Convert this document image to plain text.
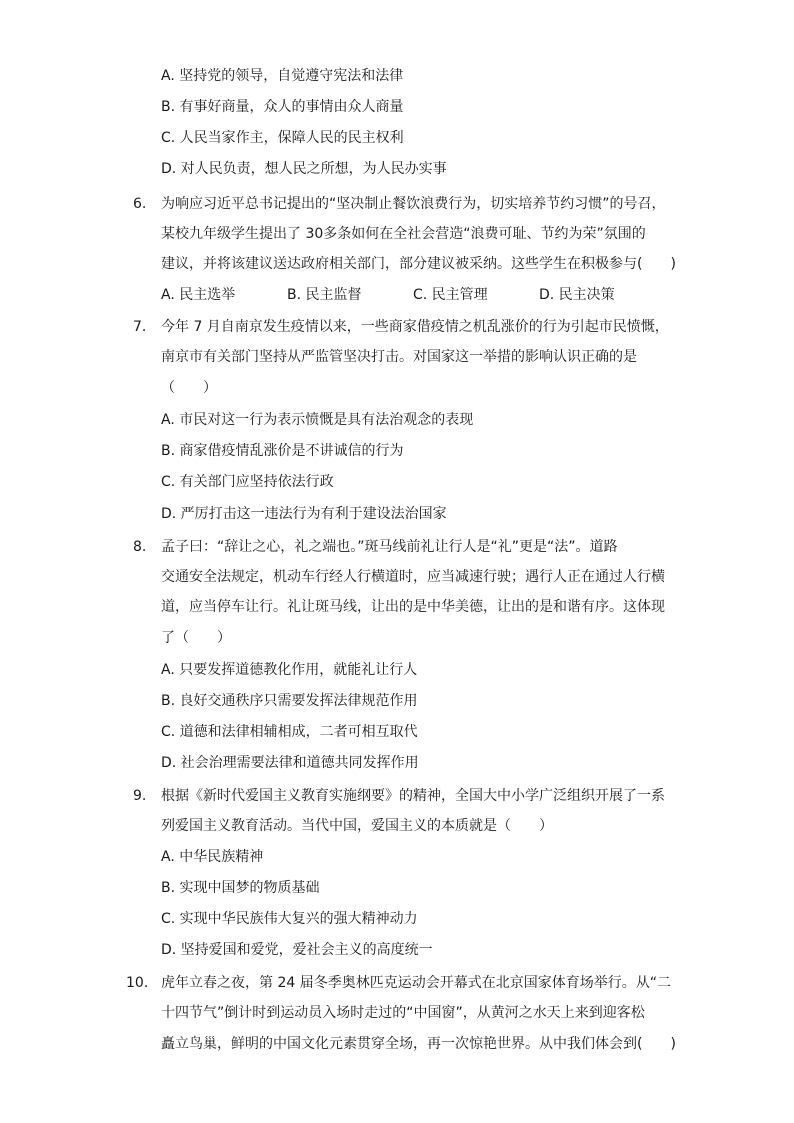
A. 坚持党的领导，自觉遵守宪法和法律
B. 有事好商量，众人的事情由众人商量
C. 人民当家作主，保障人民的民主权利
D. 对人民负责，想人民之所想，为人民办实事
6. 为响应习近平总书记提出的“坚决制止餐饮浪费行为，切实培养节约习惯”的号召，
某校九年级学生提出了 30多条如何在全社会营造“浪费可耻、节约为荣”氛围的
建议，并将该建议送达政府相关部门，部分建议被采纳。这些学生在积极参与(　　)
A. 民主选举	B. 民主监督	C. 民主管理	D. 民主决策
7. 今年 7 月自南京发生疫情以来，一些商家借疫情之机乱涨价的行为引起市民愤慨，
南京市有关部门坚持从严监管坚决打击。对国家这一举措的影响认识正确的是
（　　）
A. 市民对这一行为表示愤慨是具有法治观念的表现
B. 商家借疫情乱涨价是不讲诚信的行为
C. 有关部门应坚持依法行政
D. 严厉打击这一违法行为有利于建设法治国家
8. 孟子曰：“辞让之心，礼之端也。”斑马线前礼让行人是“礼”更是“法”。道路
交通安全法规定，机动车行经人行横道时，应当减速行驶；遇行人正在通过人行横
道，应当停车让行。礼让斑马线，让出的是中华美德，让出的是和谐有序。这体现
了（　　）
A. 只要发挥道德教化作用，就能礼让行人
B. 良好交通秩序只需要发挥法律规范作用
C. 道德和法律相辅相成，二者可相互取代
D. 社会治理需要法律和道德共同发挥作用
9. 根据《新时代爱国主义教育实施纲要》的精神，全国大中小学广泛组织开展了一系
列爱国主义教育活动。当代中国，爱国主义的本质就是（　　）
A. 中华民族精神
B. 实现中国梦的物质基础
C. 实现中华民族伟大复兴的强大精神动力
D. 坚持爱国和爱党，爱社会主义的高度统一
10. 虎年立春之夜，第 24 届冬季奥林匹克运动会开幕式在北京国家体育场举行。从“二
十四节气”倒计时到运动员入场时走过的“中国窗”，从黄河之水天上来到迎客松
矗立鸟巢，鲜明的中国文化元素贯穿全场，再一次惊艳世界。从中我们体会到(　　)
